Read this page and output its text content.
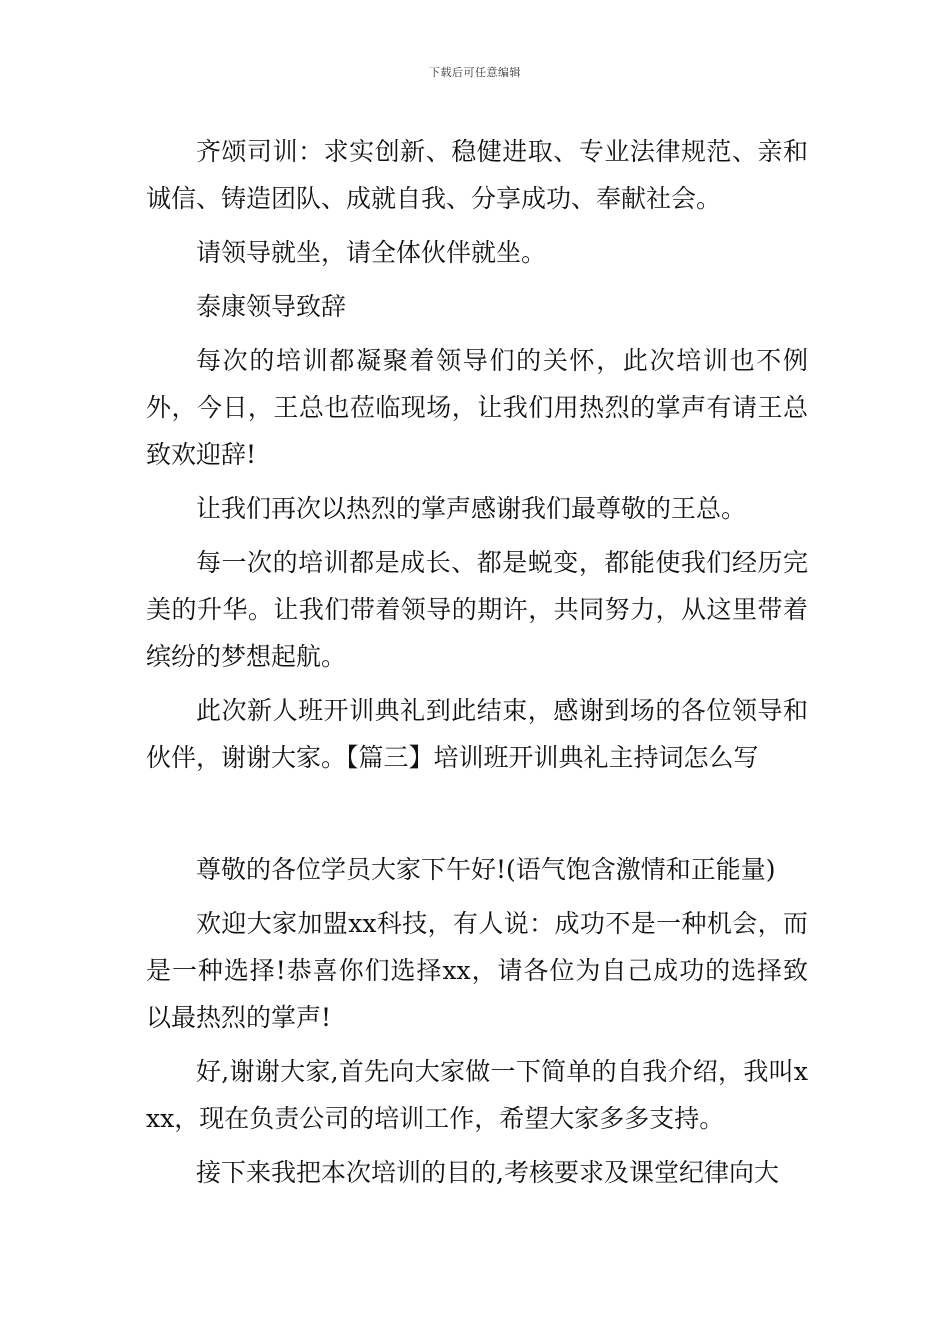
下载后可任意编辑

齐颂司训：求实创新、稳健进取、专业法律规范、亲和诚信、铸造团队、成就自我、分享成功、奉献社会。

请领导就坐，请全体伙伴就坐。

泰康领导致辞

每次的培训都凝聚着领导们的关怀，此次培训也不例外，今日，王总也莅临现场，让我们用热烈的掌声有请王总致欢迎辞!

让我们再次以热烈的掌声感谢我们最尊敬的王总。

每一次的培训都是成长、都是蜕变，都能使我们经历完美的升华。让我们带着领导的期许，共同努力，从这里带着缤纷的梦想起航。

此次新人班开训典礼到此结束，感谢到场的各位领导和伙伴，谢谢大家。【篇三】培训班开训典礼主持词怎么写

尊敬的各位学员大家下午好!(语气饱含激情和正能量)

欢迎大家加盟xx科技，有人说：成功不是一种机会，而是一种选择!恭喜你们选择xx，请各位为自己成功的选择致以最热烈的掌声!

好,谢谢大家,首先向大家做一下简单的自我介绍，我叫xxx，现在负责公司的培训工作，希望大家多多支持。

接下来我把本次培训的目的,考核要求及课堂纪律向大
